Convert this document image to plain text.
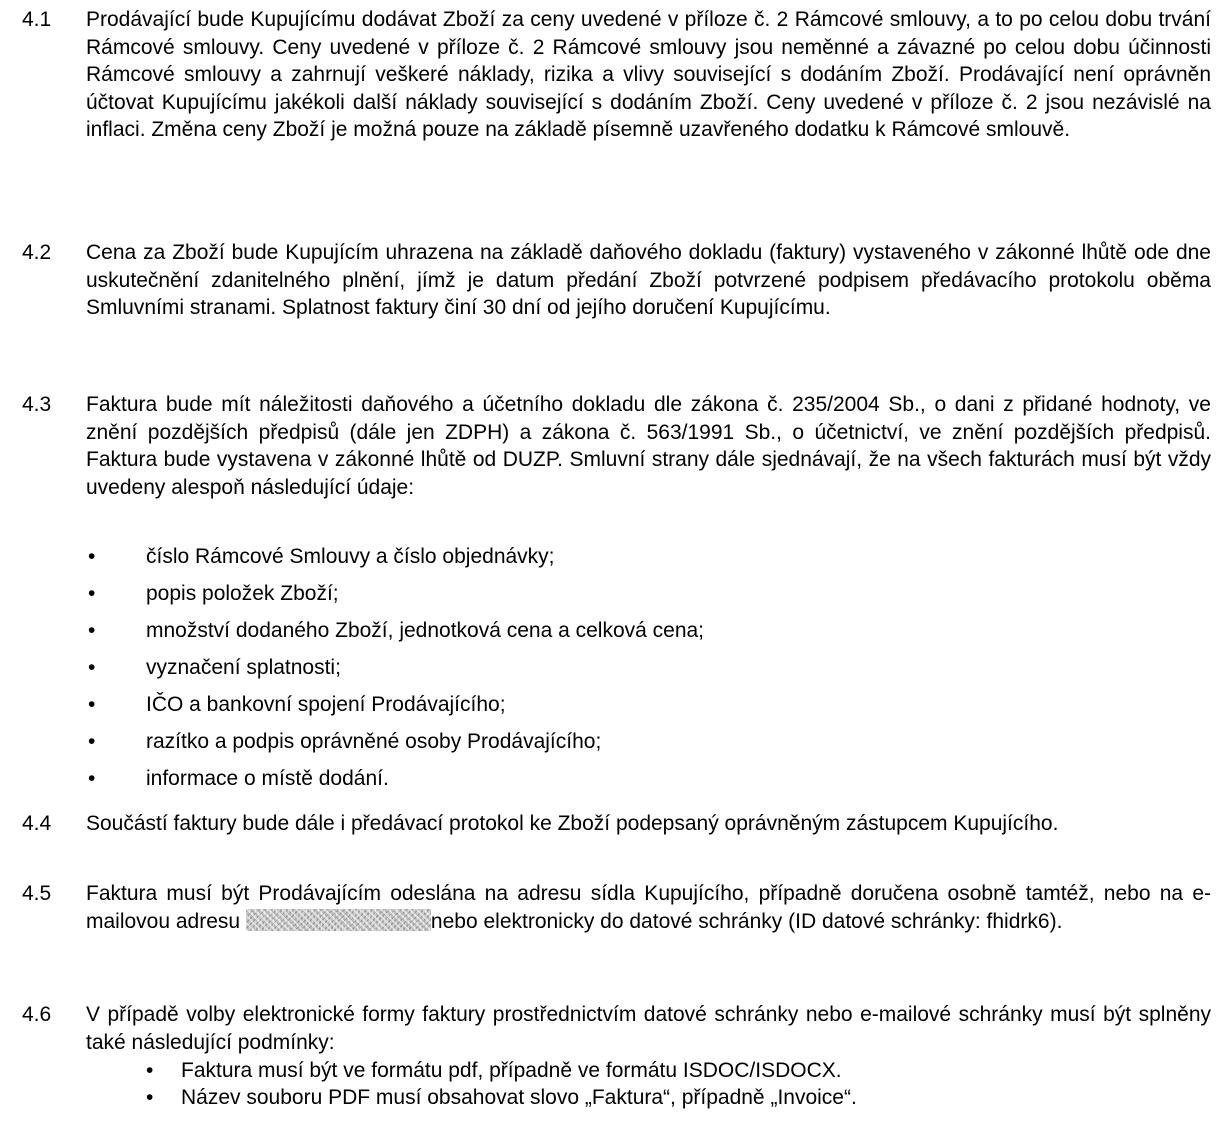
4.1 Prodávající bude Kupujícímu dodávat Zboží za ceny uvedené v příloze č. 2 Rámcové smlouvy, a to po celou dobu trvání Rámcové smlouvy. Ceny uvedené v příloze č. 2 Rámcové smlouvy jsou neměnné a závazné po celou dobu účinnosti Rámcové smlouvy a zahrnují veškeré náklady, rizika a vlivy související s dodáním Zboží. Prodávající není oprávněn účtovat Kupujícímu jakékoli další náklady související s dodáním Zboží. Ceny uvedené v příloze č. 2 jsou nezávislé na inflaci. Změna ceny Zboží je možná pouze na základě písemně uzavřeného dodatku k Rámcové smlouvě.
4.2 Cena za Zboží bude Kupujícím uhrazena na základě daňového dokladu (faktury) vystaveného v zákonné lhůtě ode dne uskutečnění zdanitelného plnění, jímž je datum předání Zboží potvrzené podpisem předávacího protokolu oběma Smluvními stranami. Splatnost faktury činí 30 dní od jejího doručení Kupujícímu.
4.3 Faktura bude mít náležitosti daňového a účetního dokladu dle zákona č. 235/2004 Sb., o dani z přidané hodnoty, ve znění pozdějších předpisů (dále jen ZDPH) a zákona č. 563/1991 Sb., o účetnictví, ve znění pozdějších předpisů. Faktura bude vystavena v zákonné lhůtě od DUZP. Smluvní strany dále sjednávají, že na všech fakturách musí být vždy uvedeny alespoň následující údaje:
• číslo Rámcové Smlouvy a číslo objednávky;
• popis položek Zboží;
• množství dodaného Zboží, jednotková cena a celková cena;
• vyznačení splatnosti;
• IČO a bankovní spojení Prodávajícího;
• razítko a podpis oprávněné osoby Prodávajícího;
• informace o místě dodání.
4.4 Součástí faktury bude dále i předávací protokol ke Zboží podepsaný oprávněným zástupcem Kupujícího.
4.5 Faktura musí být Prodávajícím odeslána na adresu sídla Kupujícího, případně doručena osobně tamtéž, nebo na e-mailovou adresu	nebo elektronicky do datové schránky (ID datové schránky: fhidrk6).
4.6 V případě volby elektronické formy faktury prostřednictvím datové schránky nebo e-mailové schránky musí být splněny také následující podmínky:
• Faktura musí být ve formátu pdf, případně ve formátu ISDOC/ISDOCX.
• Název souboru PDF musí obsahovat slovo „Faktura“, případně „Invoice“.
